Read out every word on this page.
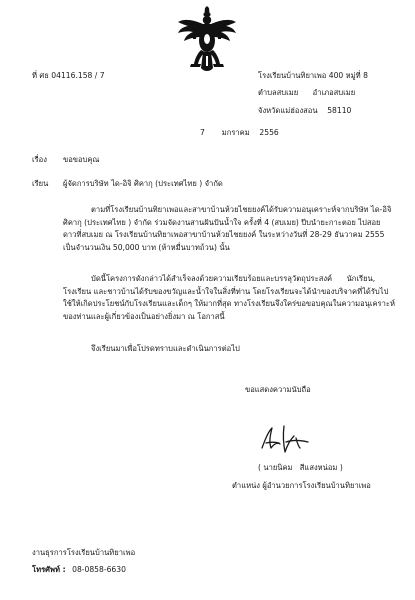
ที่ ศธ 04116.158 / 7	โรงเรียนบ้านทิยาเพอ 400 หมู่ที่ 8
ตำบลสบเมย      อำเภอสบเมย
จังหวัดแม่ฮ่องสอน    58110
7       มกราคม    2556
เรื่อง ขอขอบคุณ
เรียน ผู้จัดการบริษัท ได-อิจิ ศิคากุ (ประเทศไทย ) จำกัด
ตามที่โรงเรียนบ้านทิยาเพอและสาขาบ้านห้วยไชยยงค์ได้รับความอนุเคราะห์จากบริษัท ได-อิจิ
ศิคากุ (ประเทศไทย ) จำกัด ร่วมจัดงานสานฝันปันน้ำใจ ครั้งที่ 4 (สบเมย) ปีบนำยะกาะตอย ไปสอย
ดาวที่สบเมย ณ โรงเรียนบ้านทิยาเพอสาขาบ้านห้วยไชยยงค์ ในระหว่างวันที่ 28-29 ธันวาคม 2555
เป็นจำนวนเงิน 50,000 บาท (ห้าหมื่นบาทถ้วน) นั้น
บัดนี้โครงการดังกล่าวได้สำเร็จลงด้วยความเรียบร้อยและบรรลุวัตถุประสงค์      นักเรียน,
โรงเรียน และชาวบ้านได้รับของขวัญและน้ำใจในสิ่งที่ท่าน โดยโรงเรียนจะได้นำของบริจาคที่ได้รับไป
ใช้ให้เกิดประโยชน์กับโรงเรียนและเด็กๆ ให้มากที่สุด ทางโรงเรียนจึงใคร่ขอขอบคุณในความอนุเคราะห์
ของท่านและผู้เกี่ยวข้องเป็นอย่างยิ่งมา ณ โอกาสนี้
จึงเรียนมาเพื่อโปรดทราบและดำเนินการต่อไป
ขอแสดงความนับถือ
( นายนิคม   สีแสงหน่อม )
ตำแหน่ง ผู้อำนวยการโรงเรียนบ้านทิยาเพอ
งานธุรการโรงเรียนบ้านทิยาเพอ
โทรศัพท์ : 08-0858-6630
